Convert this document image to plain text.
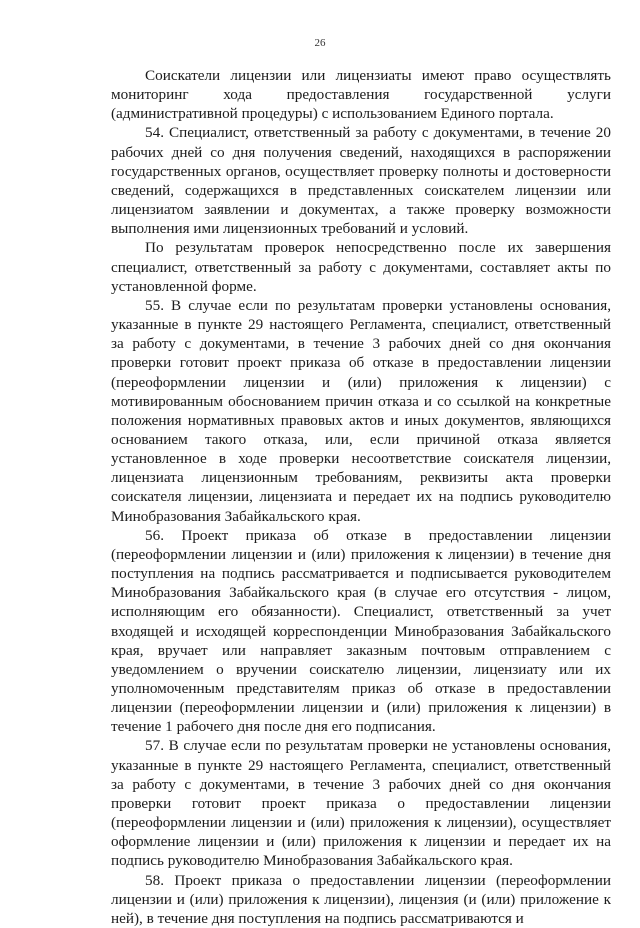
26

Соискатели лицензии или лицензиаты имеют право осуществлять мониторинг хода предоставления государственной услуги (административной процедуры) с использованием Единого портала.

54. Специалист, ответственный за работу с документами, в течение 20 рабочих дней со дня получения сведений, находящихся в распоряжении государственных органов, осуществляет проверку полноты и достоверности сведений, содержащихся в представленных соискателем лицензии или лицензиатом заявлении и документах, а также проверку возможности выполнения ими лицензионных требований и условий.

По результатам проверок непосредственно после их завершения специалист, ответственный за работу с документами, составляет акты по установленной форме.

55. В случае если по результатам проверки установлены основания, указанные в пункте 29 настоящего Регламента, специалист, ответственный за работу с документами, в течение 3 рабочих дней со дня окончания проверки готовит проект приказа об отказе в предоставлении лицензии (переоформлении лицензии и (или) приложения к лицензии) с мотивированным обоснованием причин отказа и со ссылкой на конкретные положения нормативных правовых актов и иных документов, являющихся основанием такого отказа, или, если причиной отказа является установленное в ходе проверки несоответствие соискателя лицензии, лицензиата лицензионным требованиям, реквизиты акта проверки соискателя лицензии, лицензиата и передает их на подпись руководителю Минобразования Забайкальского края.

56. Проект приказа об отказе в предоставлении лицензии (переоформлении лицензии и (или) приложения к лицензии) в течение дня поступления на подпись рассматривается и подписывается руководителем Минобразования Забайкальского края (в случае его отсутствия - лицом, исполняющим его обязанности). Специалист, ответственный за учет входящей и исходящей корреспонденции Минобразования Забайкальского края, вручает или направляет заказным почтовым отправлением с уведомлением о вручении соискателю лицензии, лицензиату или их уполномоченным представителям приказ об отказе в предоставлении лицензии (переоформлении лицензии и (или) приложения к лицензии) в течение 1 рабочего дня после дня его подписания.

57. В случае если по результатам проверки не установлены основания, указанные в пункте 29 настоящего Регламента, специалист, ответственный за работу с документами, в течение 3 рабочих дней со дня окончания проверки готовит проект приказа о предоставлении лицензии (переоформлении лицензии и (или) приложения к лицензии), осуществляет оформление лицензии и (или) приложения к лицензии и передает их на подпись руководителю Минобразования Забайкальского края.

58. Проект приказа о предоставлении лицензии (переоформлении лицензии и (или) приложения к лицензии), лицензия (и (или) приложение к ней), в течение дня поступления на подпись рассматриваются и
